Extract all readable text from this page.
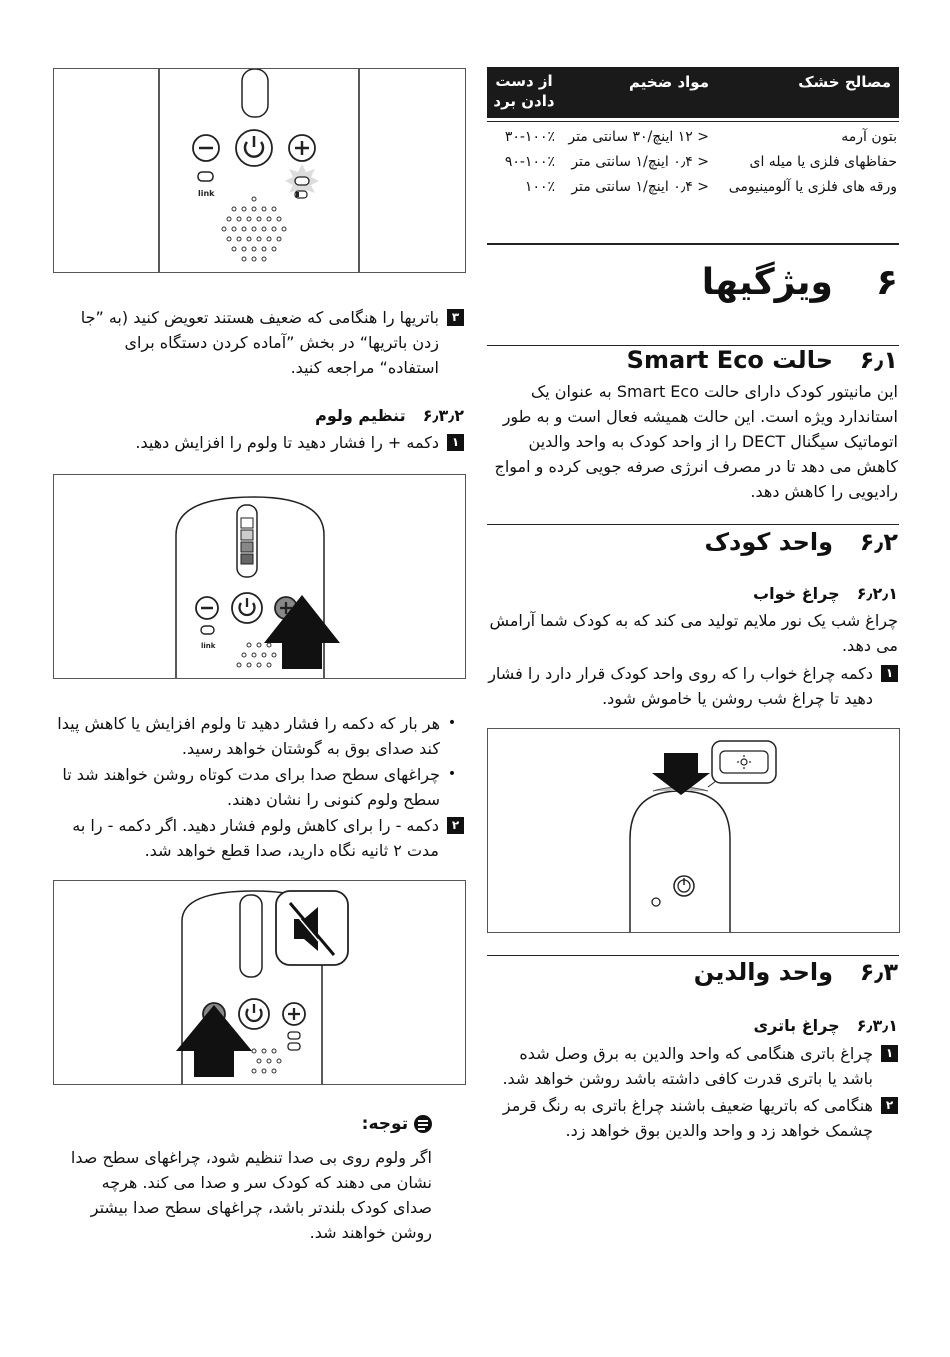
مصالح خشک
مواد ضخیم
از دست دادن برد
بتون آرمه
< ۱۲ اینچ/۳۰ سانتی متر
۳۰-۱۰۰٪
حفاظهای فلزی یا میله ای
< ۰٫۴ اینچ/۱ سانتی متر
۹۰-۱۰۰٪
ورقه های فلزی یا آلومینیومی
< ۰٫۴ اینچ/۱ سانتی متر
۱۰۰٪
۶  ویژگیها
۶٫۱  حالت Smart Eco
این مانیتور کودک دارای حالت Smart Eco به عنوان یک استاندارد ویژه است. این حالت همیشه فعال است و به طور اتوماتیک سیگنال DECT را از واحد کودک به واحد والدین کاهش می دهد تا در مصرف انرژی صرفه جویی کرده و امواج رادیویی را کاهش دهد.
۶٫۲  واحد کودک
۶٫۲٫۱  چراغ خواب
چراغ شب یک نور ملایم تولید می کند که به کودک شما آرامش می دهد.
۱
دکمه چراغ خواب را که روی واحد کودک قرار دارد را فشار دهید تا چراغ شب روشن یا خاموش شود.
۶٫۳  واحد والدین
۶٫۳٫۱  چراغ باتری
۱
چراغ باتری هنگامی که واحد والدین به برق وصل شده باشد یا باتری قدرت کافی داشته باشد روشن خواهد شد.
۲
هنگامی که باتریها ضعیف باشند چراغ باتری به رنگ قرمز چشمک خواهد زد و واحد والدین بوق خواهد زد.
link
۳
باتریها را هنگامی که ضعیف هستند تعویض کنید (به ”جا زدن باتریها“ در بخش ”آماده کردن دستگاه برای استفاده“ مراجعه کنید.
۶٫۳٫۲  تنظیم ولوم
۱
دکمه + را فشار دهید تا ولوم را افزایش دهید.
link
•
هر بار که دکمه را فشار دهید تا ولوم افزایش یا کاهش پیدا کند صدای بوق به گوشتان خواهد رسید.
•
چراغهای سطح صدا برای مدت کوتاه روشن خواهند شد تا سطح ولوم کنونی را نشان دهند.
۲
دکمه - را برای کاهش ولوم فشار دهید. اگر دکمه - را به مدت ۲ ثانیه نگاه دارید، صدا قطع خواهد شد.
توجه:
اگر ولوم روی بی صدا تنظیم شود، چراغهای سطح صدا نشان می دهند که کودک سر و صدا می کند. هرچه صدای کودک بلندتر باشد، چراغهای سطح صدا بیشتر روشن خواهند شد.
